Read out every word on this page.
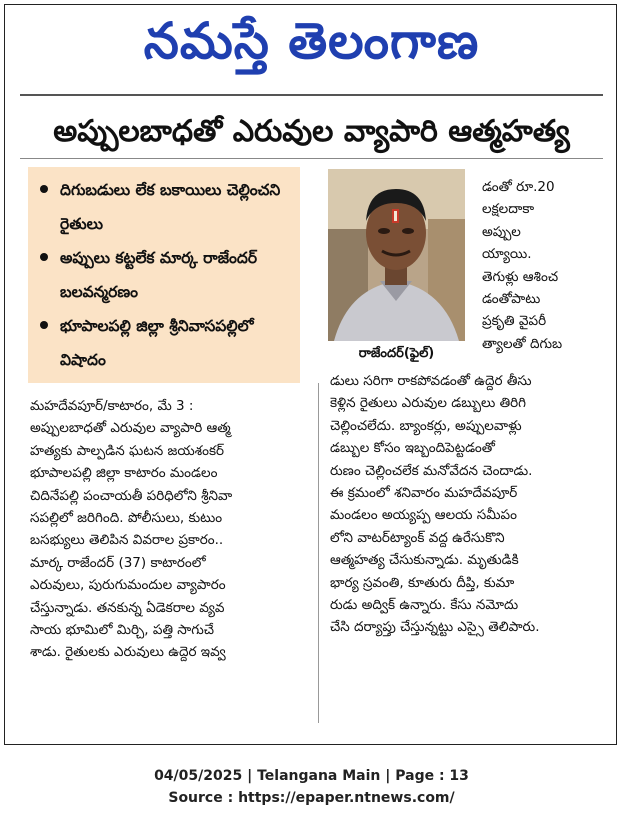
నమస్తే తెలంగాణ
అప్పులబాధతో ఎరువుల వ్యాపారి ఆత్మహత్య
దిగుబడులు లేక బకాయిలు చెల్లించని రైతులు
అప్పులు కట్టలేక మార్క రాజేందర్ బలవన్మరణం
భూపాలపల్లి జిల్లా శ్రీనివాసపల్లిలో విషాదం	రాజేందర్(ఫైల్)

డంతో రూ.20
లక్షలదాకా
అప్పుల
య్యాయి.
తెగుళ్లు ఆశించ
డంతోపాటు
ప్రకృతి వైపరీ
త్యాలతో దిగుబ

మహదేవపూర్/కాటారం, మే 3 :
అప్పులబాధతో ఎరువుల వ్యాపారి ఆత్మ
హత్యకు పాల్పడిన ఘటన జయశంకర్
భూపాలపల్లి జిల్లా కాటారం మండలం
చిదినేపల్లి పంచాయతీ పరిధిలోని శ్రీనివా
సపల్లిలో జరిగింది. పోలీసులు, కుటుం
బసభ్యులు తెలిపిన వివరాల ప్రకారం..
మార్క రాజేందర్ (37) కాటారంలో
ఎరువులు, పురుగుమందుల వ్యాపారం
చేస్తున్నాడు. తనకున్న ఏడెకరాల వ్యవ
సాయ భూమిలో మిర్చి, పత్తి సాగుచే
శాడు. రైతులకు ఎరువులు ఉద్దెర ఇవ్వ

డులు సరిగా రాకపోవడంతో ఉద్దెర తీసు
కెళ్లిన రైతులు ఎరువుల డబ్బులు తిరిగి
చెల్లించలేదు. బ్యాంకర్లు, అప్పులవాళ్లు
డబ్బుల కోసం ఇబ్బందిపెట్టడంతో
రుణం చెల్లించలేక మనోవేదన చెందాడు.
ఈ క్రమంలో శనివారం మహదేవపూర్
మండలం అయ్యప్ప ఆలయ సమీపం
లోని వాటర్‌ట్యాంక్ వద్ద ఉరేసుకొని
ఆత్మహత్య చేసుకున్నాడు. మృతుడికి
భార్య స్రవంతి, కూతురు దీప్తి, కుమా
రుడు అద్విక్ ఉన్నారు. కేసు నమోదు
చేసి దర్యాప్తు చేస్తున్నట్టు ఎస్సై తెలిపారు.

04/05/2025 | Telangana Main | Page : 13
Source : https://epaper.ntnews.com/
